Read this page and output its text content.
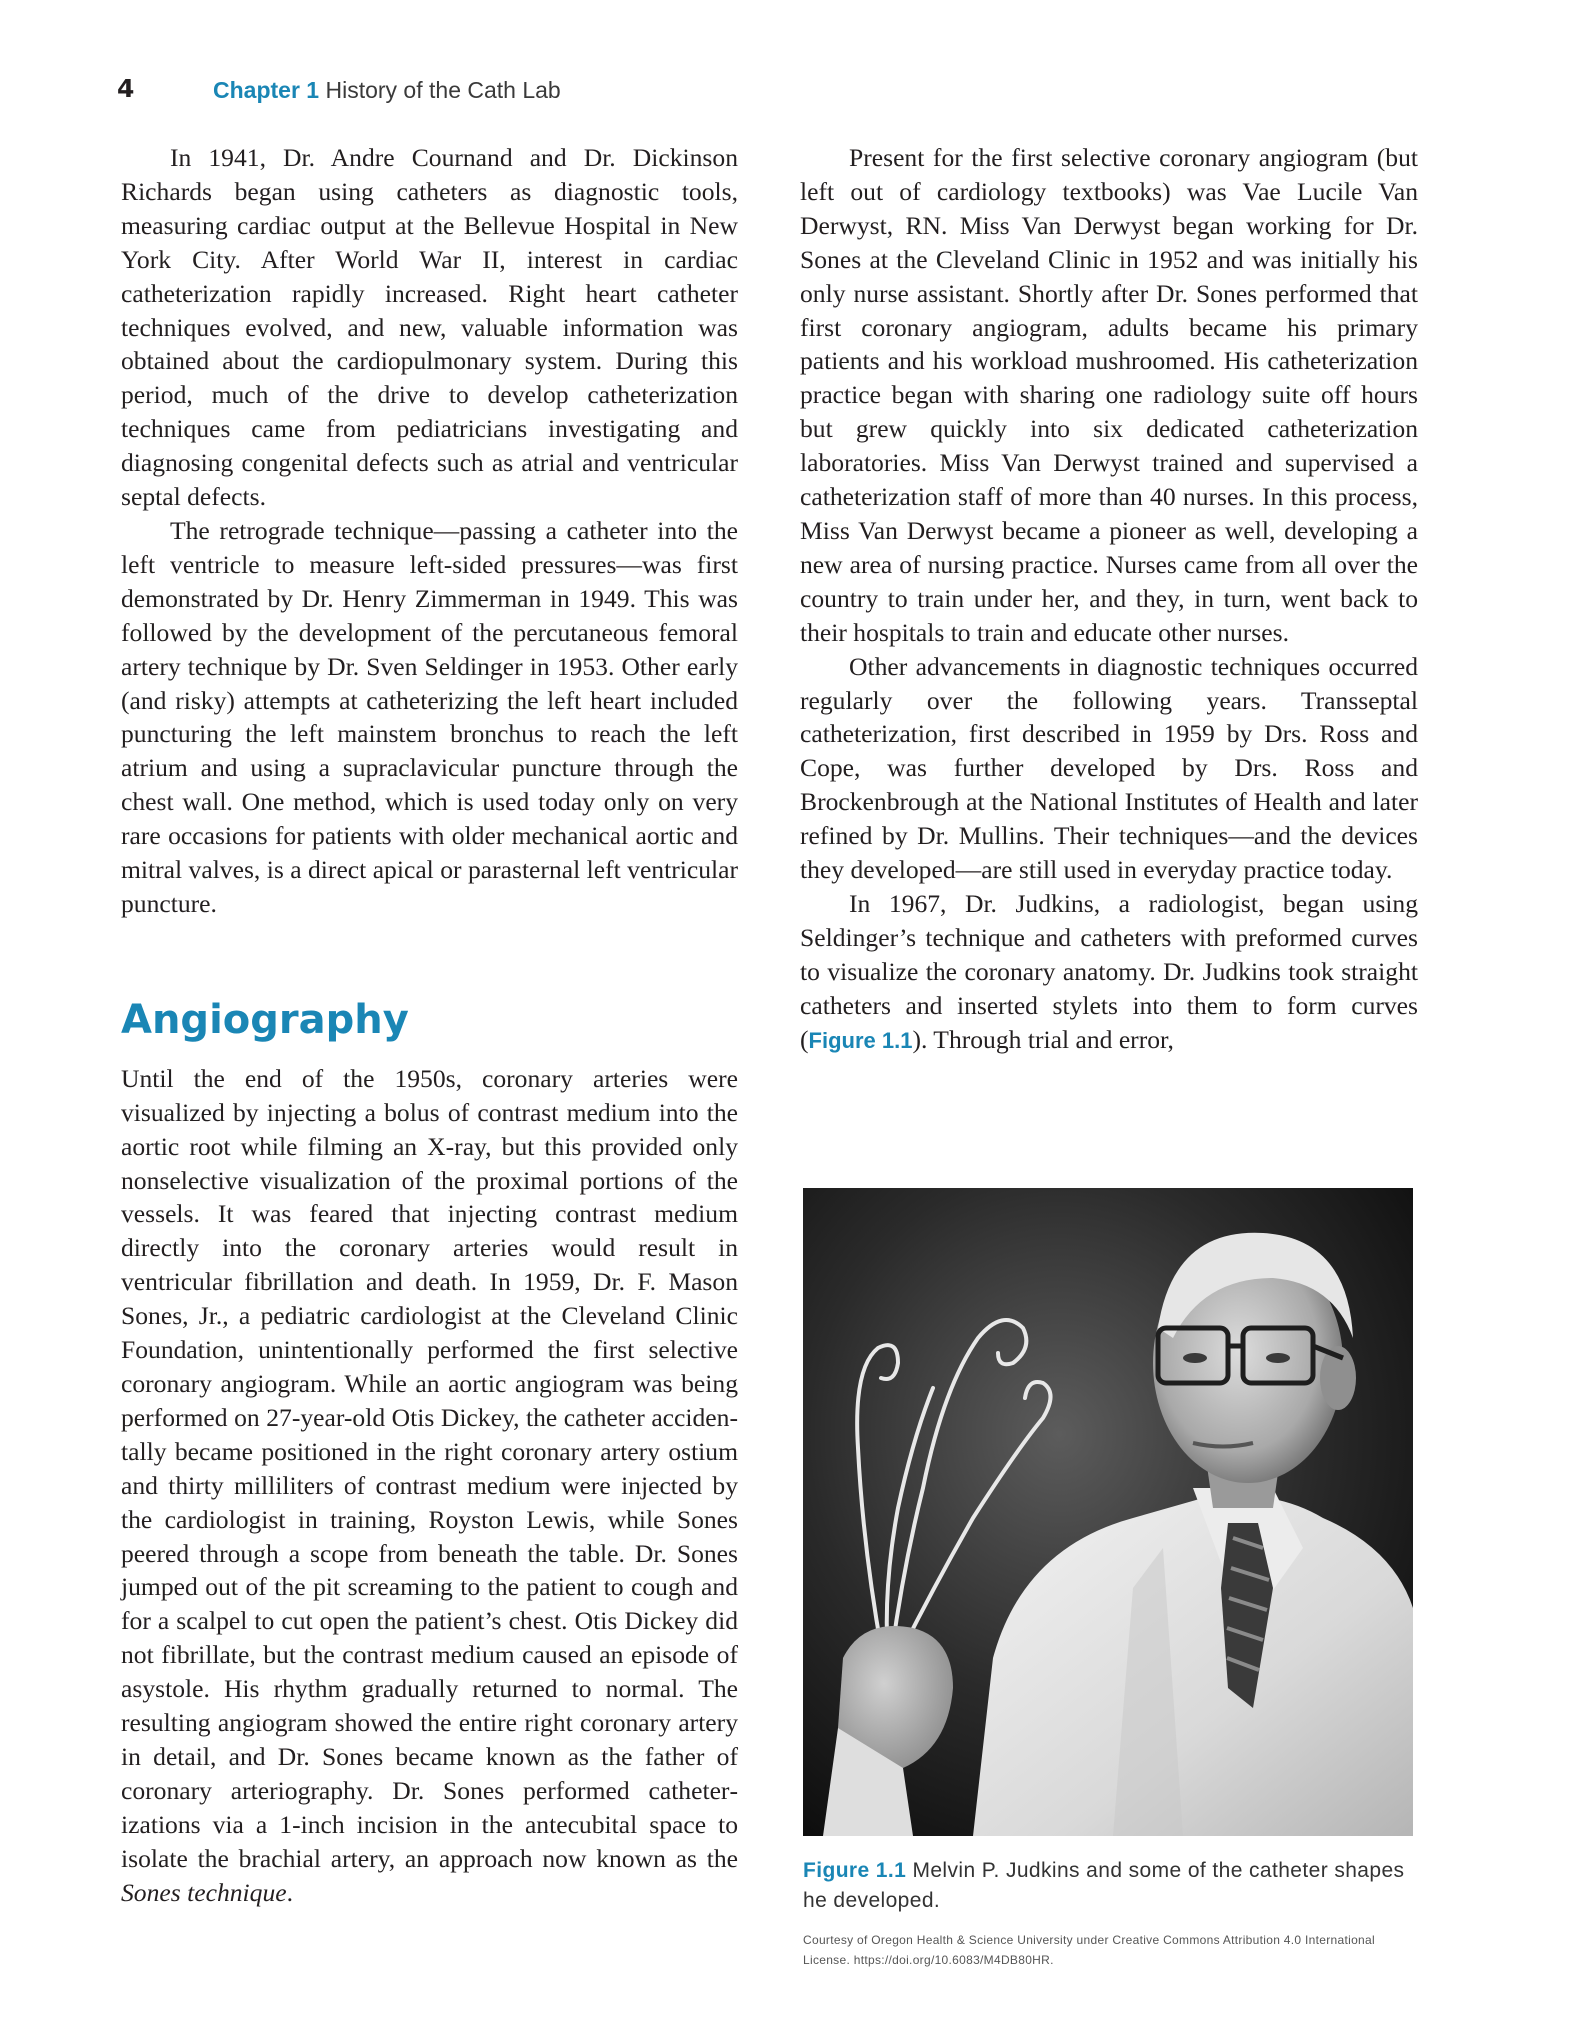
4	Chapter 1 History of the Cath Lab

In 1941, Dr. Andre Cournand and Dr. Dickinson Richards began using catheters as diagnostic tools, measuring cardiac output at the Bellevue Hospital in New York City. After World War II, interest in cardiac catheterization rapidly increased. Right heart catheter techniques evolved, and new, valuable information was obtained about the cardiopulmonary system. During this period, much of the drive to develop catheterization techniques came from pediatricians investigating and diagnosing congenital defects such as atrial and ventricular septal defects.

The retrograde technique—passing a catheter into the left ventricle to measure left-sided pressures—was first demonstrated by Dr. Henry Zimmerman in 1949. This was followed by the development of the percutaneous femoral artery technique by Dr. Sven Seldinger in 1953. Other early (and risky) attempts at catheterizing the left heart included puncturing the left mainstem bronchus to reach the left atrium and using a supraclavicular puncture through the chest wall. One method, which is used today only on very rare occasions for patients with older mechanical aortic and mitral valves, is a direct apical or parasternal left ventricular puncture.

Angiography

Until the end of the 1950s, coronary arteries were visualized by injecting a bolus of contrast medium into the aortic root while filming an X-ray, but this provided only nonselective visualization of the proximal portions of the vessels. It was feared that injecting contrast medium directly into the coronary arteries would result in ventricular fibrillation and death. In 1959, Dr. F. Mason Sones, Jr., a pediatric cardiologist at the Cleveland Clinic Foundation, unintentionally performed the first selective coronary angiogram. While an aortic angiogram was being performed on 27-year-old Otis Dickey, the catheter accidentally became positioned in the right coronary artery ostium and thirty milliliters of contrast medium were injected by the cardiologist in training, Royston Lewis, while Sones peered through a scope from beneath the table. Dr. Sones jumped out of the pit screaming to the patient to cough and for a scalpel to cut open the patient’s chest. Otis Dickey did not fibrillate, but the contrast medium caused an episode of asystole. His rhythm gradually returned to normal. The resulting angiogram showed the entire right coronary artery in detail, and Dr. Sones became known as the father of coronary arteriography. Dr. Sones performed catheterizations via a 1-inch incision in the antecubital space to isolate the brachial artery, an approach now known as the Sones technique.

Present for the first selective coronary angiogram (but left out of cardiology textbooks) was Vae Lucile Van Derwyst, RN. Miss Van Derwyst began working for Dr. Sones at the Cleveland Clinic in 1952 and was initially his only nurse assistant. Shortly after Dr. Sones performed that first coronary angiogram, adults became his primary patients and his workload mushroomed. His catheterization practice began with sharing one radiology suite off hours but grew quickly into six dedicated catheterization laboratories. Miss Van Derwyst trained and supervised a catheterization staff of more than 40 nurses. In this process, Miss Van Derwyst became a pioneer as well, developing a new area of nursing practice. Nurses came from all over the country to train under her, and they, in turn, went back to their hospitals to train and educate other nurses.

Other advancements in diagnostic techniques occurred regularly over the following years. Transseptal catheterization, first described in 1959 by Drs. Ross and Cope, was further developed by Drs. Ross and Brockenbrough at the National Institutes of Health and later refined by Dr. Mullins. Their techniques—and the devices they developed—are still used in everyday practice today.

In 1967, Dr. Judkins, a radiologist, began using Seldinger’s technique and catheters with preformed curves to visualize the coronary anatomy. Dr. Judkins took straight catheters and inserted stylets into them to form curves (Figure 1.1). Through trial and error,

Figure 1.1 Melvin P. Judkins and some of the catheter shapes he developed.
Courtesy of Oregon Health & Science University under Creative Commons Attribution 4.0 International License. https://doi.org/10.6083/M4DB80HR.
